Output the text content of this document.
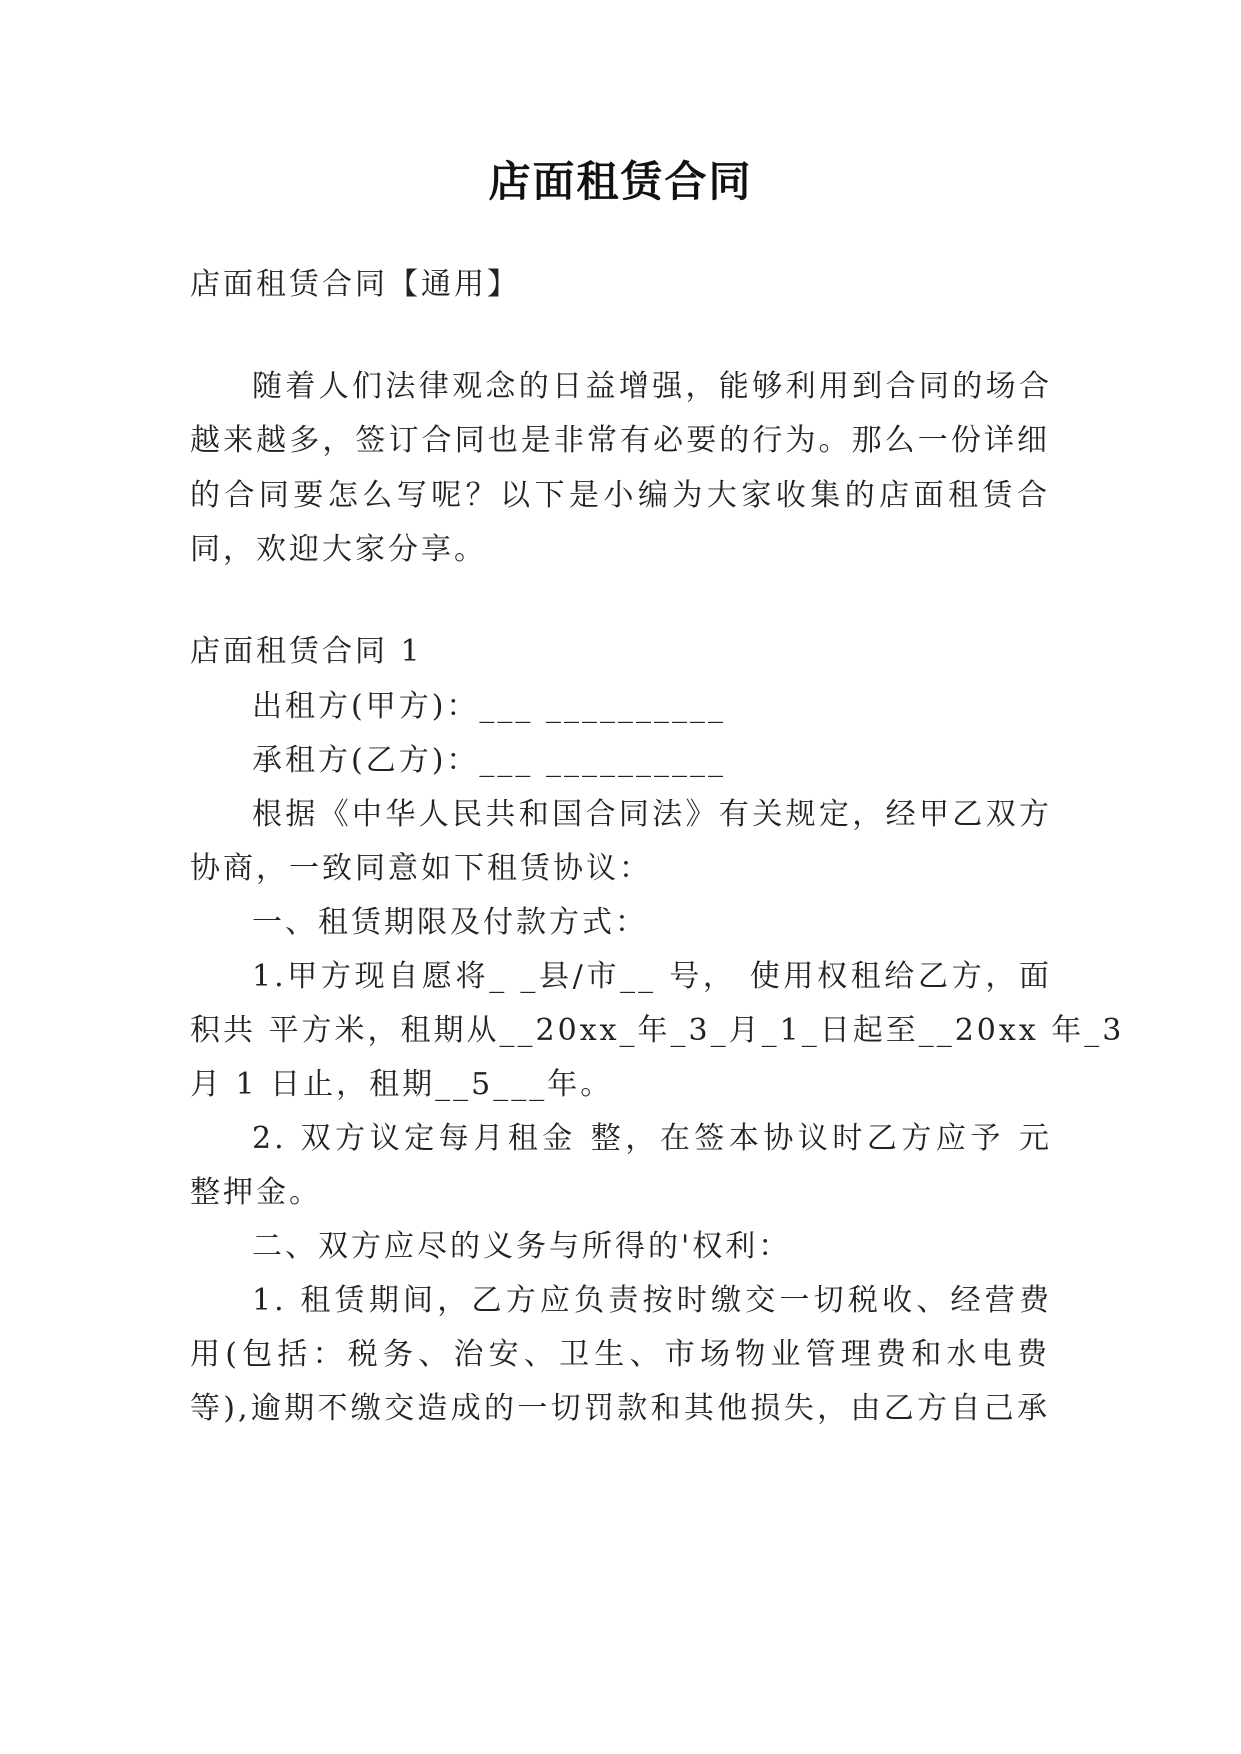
店面租赁合同
店面租赁合同【通用】
随着人们法律观念的日益增强，能够利用到合同的场合
越来越多，签订合同也是非常有必要的行为。那么一份详细
的合同要怎么写呢？以下是小编为大家收集的店面租赁合
同，欢迎大家分享。
店面租赁合同 1
出租方(甲方)：___ __________
承租方(乙方)：___ __________
根据《中华人民共和国合同法》有关规定，经甲乙双方
协商，一致同意如下租赁协议：
一、租赁期限及付款方式：
1.甲方现自愿将_ _县/市__ 号， 使用权租给乙方，面
积共 平方米，租期从__20xx_年_3_月_1_日起至__20xx 年_3
月 1 日止，租期__5___年。
2. 双方议定每月租金 整，在签本协议时乙方应予 元
整押金。
二、双方应尽的义务与所得的'权利：
1. 租赁期间，乙方应负责按时缴交一切税收、经营费
用(包括：税务、治安、卫生、市场物业管理费和水电费
等),逾期不缴交造成的一切罚款和其他损失，由乙方自己承
